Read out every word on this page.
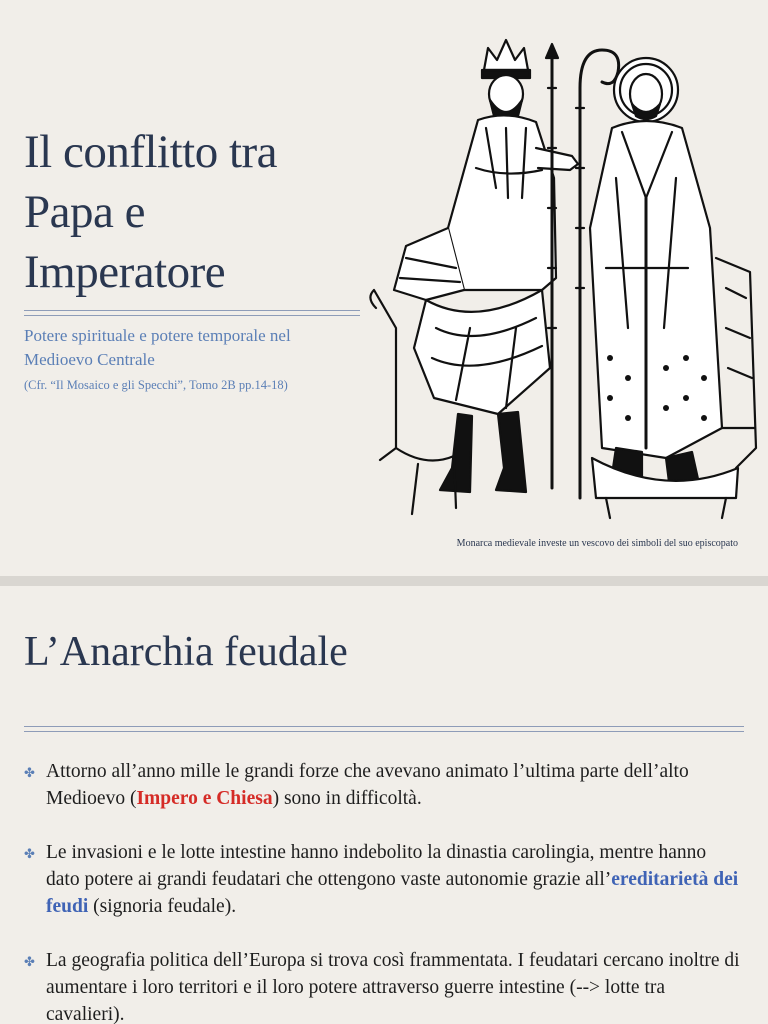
Il conflitto tra
Papa e
Imperatore

Potere spirituale e potere temporale nel Medioevo Centrale

(Cfr. “Il Mosaico e gli Specchi”, Tomo 2B pp.14-18)

Monarca medievale investe un vescovo dei simboli del suo episcopato

L’Anarchia feudale
✤ Attorno all’anno mille le grandi forze che avevano animato l’ultima parte dell’alto Medioevo (Impero e Chiesa) sono in difficoltà.
✤ Le invasioni e le lotte intestine hanno indebolito la dinastia carolingia, mentre hanno dato potere ai grandi feudatari che ottengono vaste autonomie grazie all’ereditarietà dei feudi (signoria feudale).
✤ La geografia politica dell’Europa si trova così frammentata. I feudatari cercano inoltre di aumentare i loro territori e il loro potere attraverso guerre intestine (--> lotte tra cavalieri).
